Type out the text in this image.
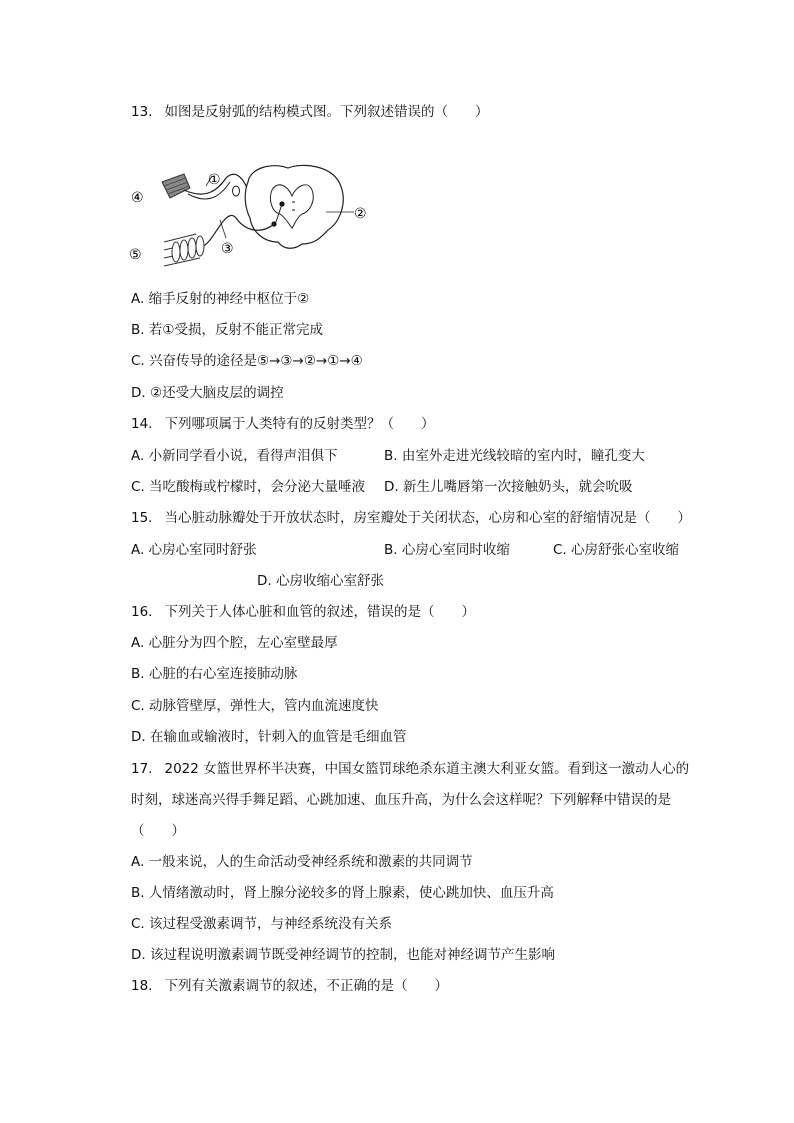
13. 如图是反射弧的结构模式图。下列叙述错误的（　　）
④
①
②
③
⑤
A. 缩手反射的神经中枢位于②
B. 若①受损，反射不能正常完成
C. 兴奋传导的途径是⑤→③→②→①→④
D. ②还受大脑皮层的调控
14. 下列哪项属于人类特有的反射类型？（　　）
A. 小新同学看小说，看得声泪俱下	B. 由室外走进光线较暗的室内时，瞳孔变大
C. 当吃酸梅或柠檬时，会分泌大量唾液 D. 新生儿嘴唇第一次接触奶头，就会吮吸
15. 当心脏动脉瓣处于开放状态时，房室瓣处于关闭状态，心房和心室的舒缩情况是（　　）
A. 心房心室同时舒张	B. 心房心室同时收缩	C. 心房舒张心室收缩
D. 心房收缩心室舒张
16. 下列关于人体心脏和血管的叙述，错误的是（　　）
A. 心脏分为四个腔，左心室壁最厚
B. 心脏的右心室连接肺动脉
C. 动脉管壁厚，弹性大，管内血流速度快
D. 在输血或输液时，针刺入的血管是毛细血管
17. 2022 女篮世界杯半决赛，中国女篮罚球绝杀东道主澳大利亚女篮。看到这一激动人心的
时刻，球迷高兴得手舞足蹈、心跳加速、血压升高，为什么会这样呢？下列解释中错误的是
（　　）
A. 一般来说，人的生命活动受神经系统和激素的共同调节
B. 人情绪激动时，肾上腺分泌较多的肾上腺素，使心跳加快、血压升高
C. 该过程受激素调节，与神经系统没有关系
D. 该过程说明激素调节既受神经调节的控制，也能对神经调节产生影响
18. 下列有关激素调节的叙述，不正确的是（　　）
